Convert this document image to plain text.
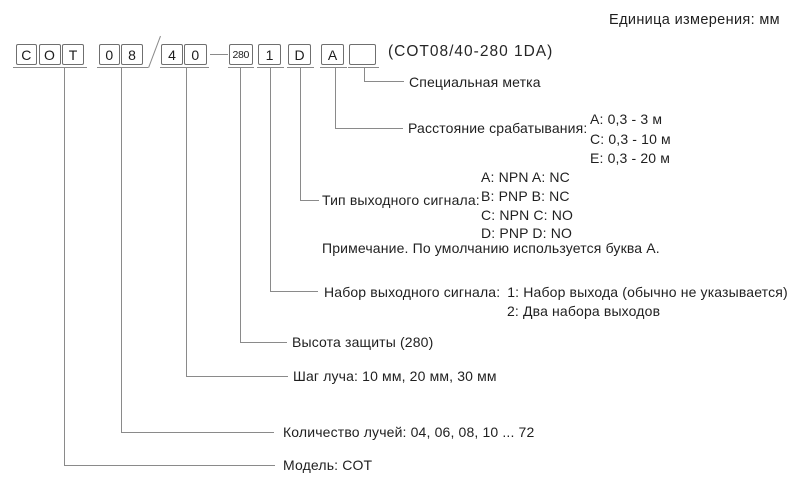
Единица измерения: мм
(COT08/40-280 1DA)
C O T	0	8	4	0	280	1	D	A
Специальная метка
Расстояние срабатывания:
A: 0,3 - 3 м
C: 0,3 - 10 м
E: 0,3 - 20 м
Тип выходного сигнала:
A: NPN A: NC
B: PNP B: NC
C: NPN C: NO
D: PNP D: NO
Примечание. По умолчанию используется буква A.
Набор выходного сигнала: 1: Набор выхода (обычно не указывается)
2: Два набора выходов
Высота защиты (280)
Шаг луча: 10 мм, 20 мм, 30 мм
Количество лучей: 04, 06, 08, 10 ... 72
Модель: COT
